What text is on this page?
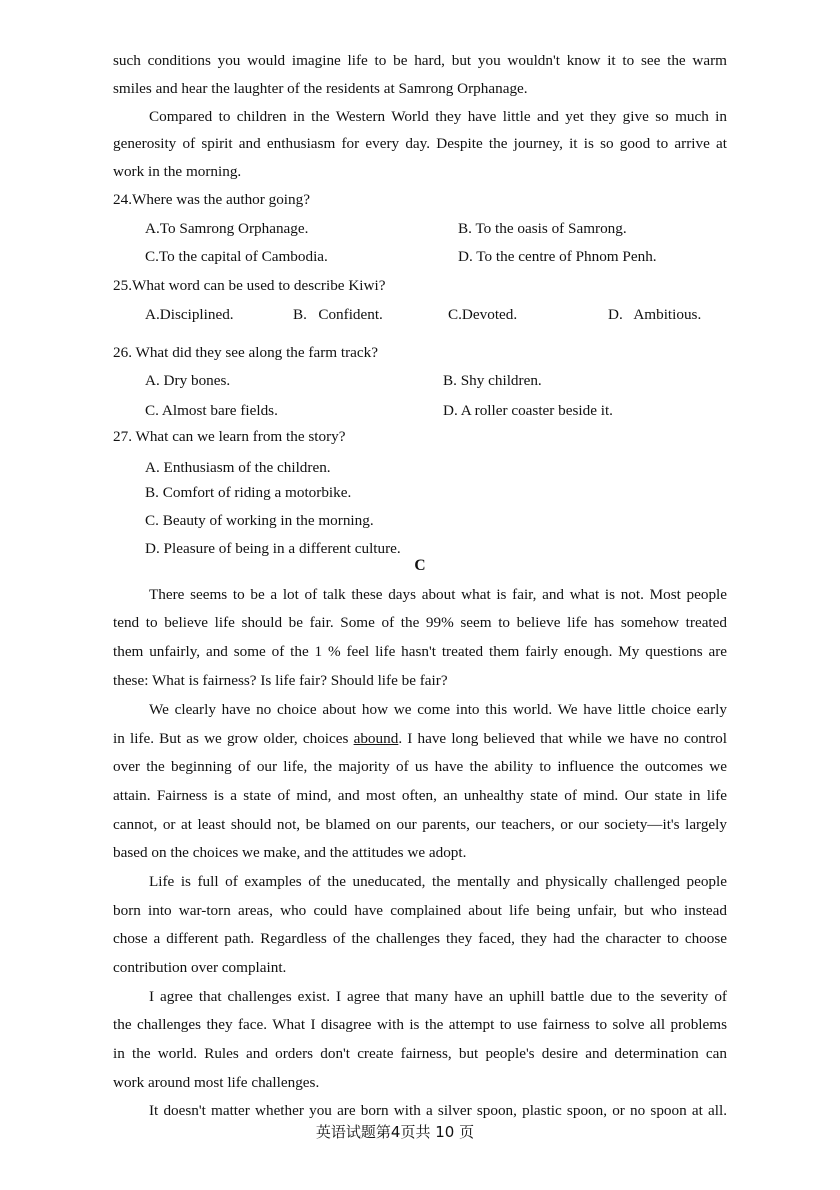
such conditions you would imagine life to be hard, but you wouldn't know it to see the warm
smiles and hear the laughter of the residents at Samrong Orphanage.
Compared to children in the Western World they have little and yet they give so much in
generosity of spirit and enthusiasm for every day. Despite the journey, it is so good to arrive at
work in the morning.
24.Where was the author going?
A.To Samrong Orphanage.	B. To the oasis of Samrong.
C.To the capital of Cambodia.	D. To the centre of Phnom Penh.
25.What word can be used to describe Kiwi?
A.Disciplined.	B.   Confident.	C.Devoted.	D.   Ambitious.
26. What did they see along the farm track?
A. Dry bones.	B. Shy children.
C. Almost bare fields.	D. A roller coaster beside it.
27. What can we learn from the story?
A. Enthusiasm of the children.
B. Comfort of riding a motorbike.
C. Beauty of working in the morning.
D. Pleasure of being in a different culture.
C
There seems to be a lot of talk these days about what is fair, and what is not. Most people
tend to believe life should be fair. Some of the 99% seem to believe life has somehow treated
them unfairly, and some of the 1 % feel life hasn't treated them fairly enough. My questions are
these: What is fairness? Is life fair? Should life be fair?
We clearly have no choice about how we come into this world. We have little choice early
in life. But as we grow older, choices abound. I have long believed that while we have no control
over the beginning of our life, the majority of us have the ability to influence the outcomes we
attain. Fairness is a state of mind, and most often, an unhealthy state of mind. Our state in life
cannot, or at least should not, be blamed on our parents, our teachers, or our society—it's largely
based on the choices we make, and the attitudes we adopt.
Life is full of examples of the uneducated, the mentally and physically challenged people
born into war-torn areas, who could have complained about life being unfair, but who instead
chose a different path. Regardless of the challenges they faced, they had the character to choose
contribution over complaint.
I agree that challenges exist. I agree that many have an uphill battle due to the severity of
the challenges they face. What I disagree with is the attempt to use fairness to solve all problems
in the world. Rules and orders don't create fairness, but people's desire and determination can
work around most life challenges.
It doesn't matter whether you are born with a silver spoon, plastic spoon, or no spoon at all.
英语试题第4页共 10 页
